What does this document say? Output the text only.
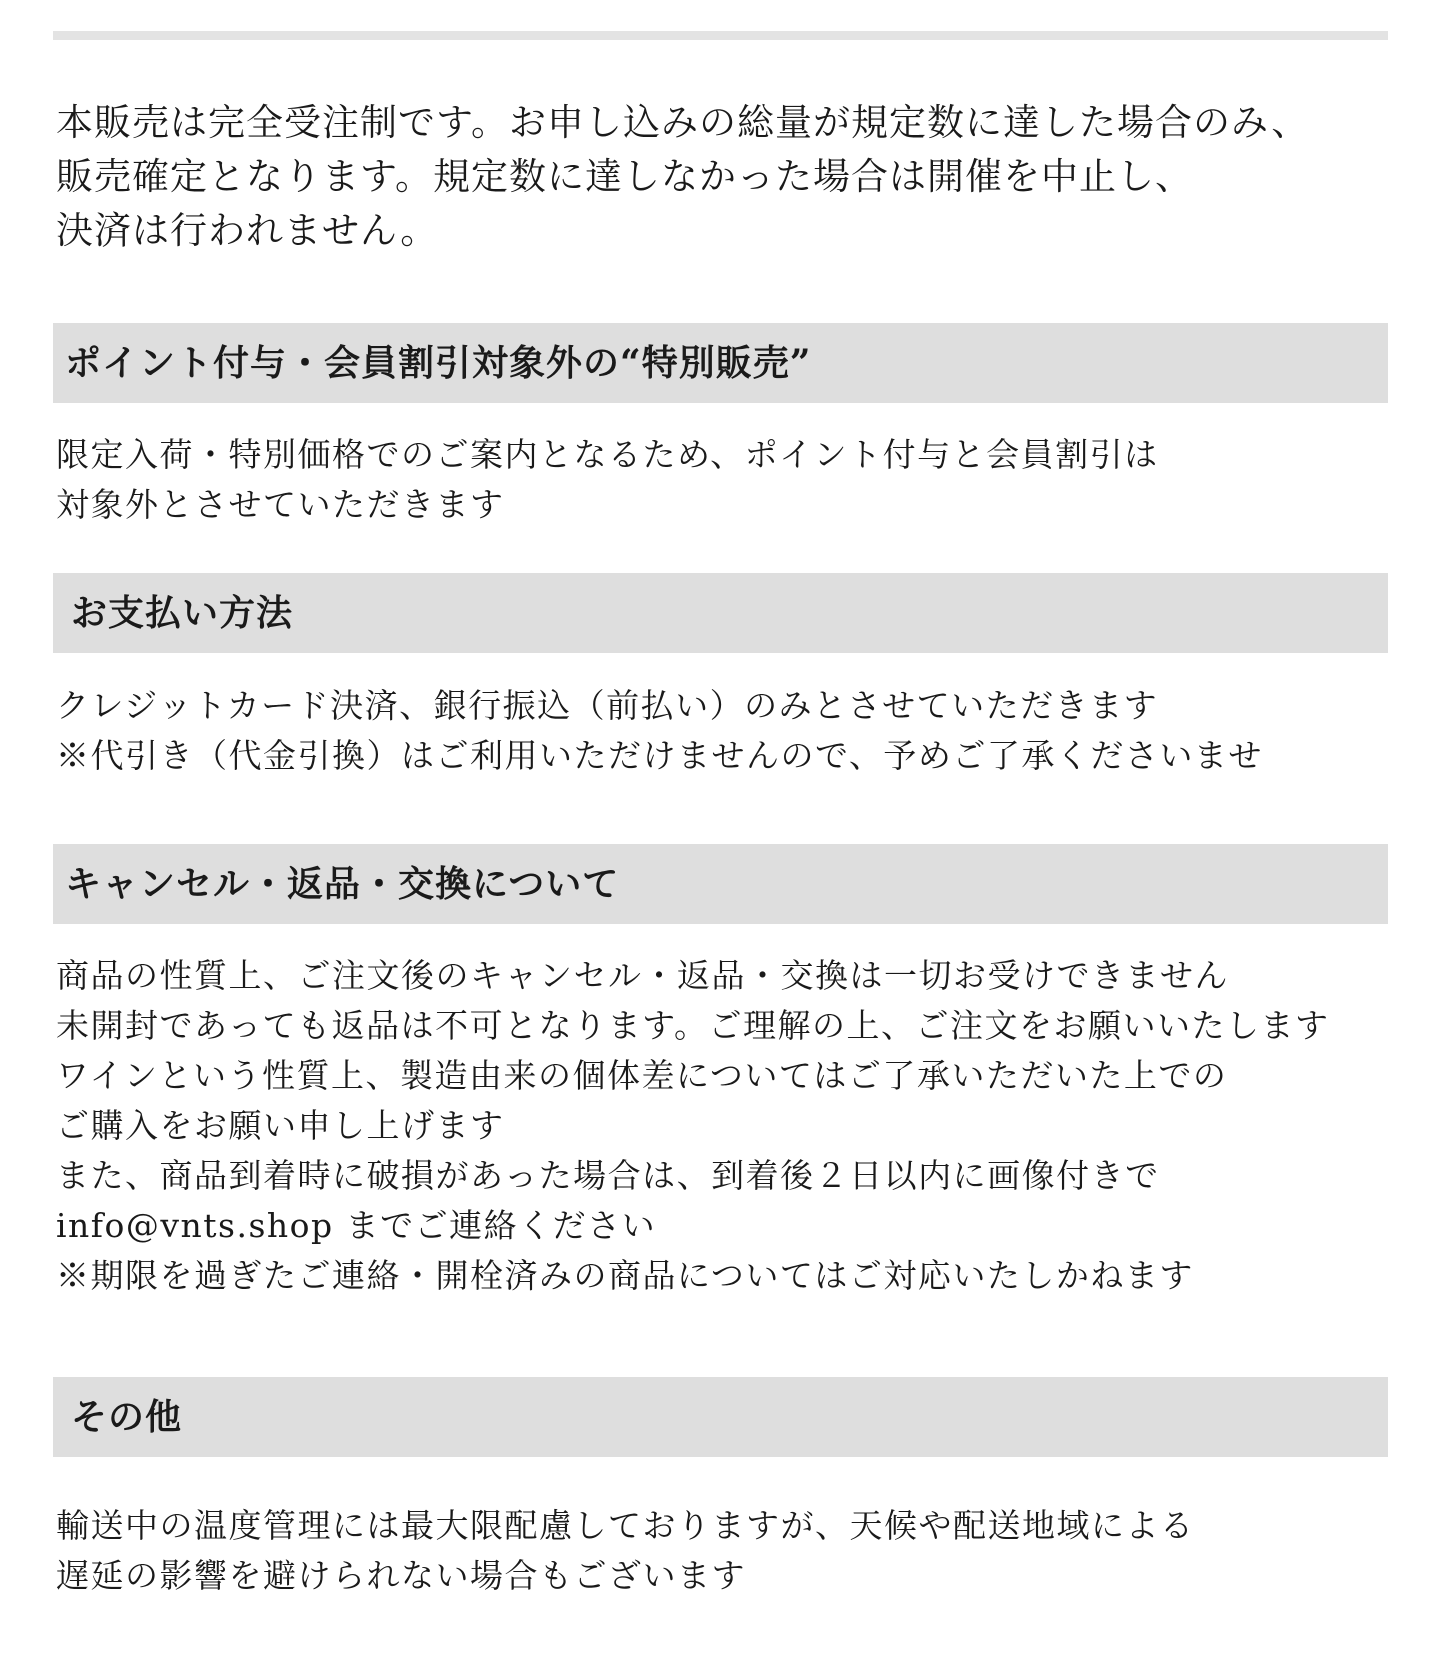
本販売は完全受注制です。お申し込みの総量が規定数に達した場合のみ、
販売確定となります。規定数に達しなかった場合は開催を中止し、
決済は行われません。
ポイント付与・会員割引対象外の“特別販売”
限定入荷・特別価格でのご案内となるため、ポイント付与と会員割引は
対象外とさせていただきます
お支払い方法
クレジットカード決済、銀行振込（前払い）のみとさせていただきます
※代引き（代金引換）はご利用いただけませんので、予めご了承くださいませ
キャンセル・返品・交換について
商品の性質上、ご注文後のキャンセル・返品・交換は一切お受けできません
未開封であっても返品は不可となります。ご理解の上、ご注文をお願いいたします
ワインという性質上、製造由来の個体差についてはご了承いただいた上での
ご購入をお願い申し上げます
また、商品到着時に破損があった場合は、到着後２日以内に画像付きで
info@vnts.shop までご連絡ください
※期限を過ぎたご連絡・開栓済みの商品についてはご対応いたしかねます
その他
輸送中の温度管理には最大限配慮しておりますが、天候や配送地域による
遅延の影響を避けられない場合もございます
